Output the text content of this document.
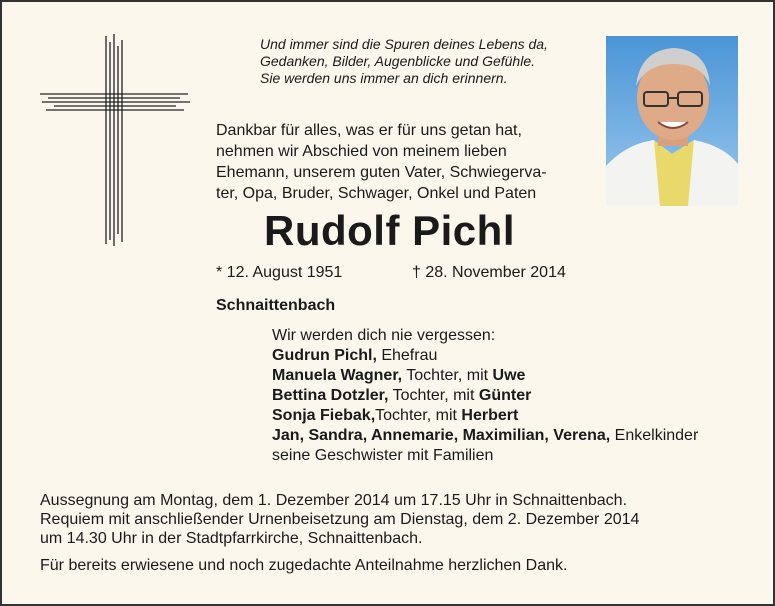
Und immer sind die Spuren deines Lebens da,
Gedanken, Bilder, Augenblicke und Gefühle.
Sie werden uns immer an dich erinnern.
Dankbar für alles, was er für uns getan hat,
nehmen wir Abschied von meinem lieben
Ehemann, unserem guten Vater, Schwiegerva-
ter, Opa, Bruder, Schwager, Onkel und Paten
Rudolf Pichl
* 12. August 1951	† 28. November 2014
Schnaittenbach
Wir werden dich nie vergessen:
Gudrun Pichl, Ehefrau
Manuela Wagner, Tochter, mit Uwe
Bettina Dotzler, Tochter, mit Günter
Sonja Fiebak,Tochter, mit Herbert
Jan, Sandra, Annemarie, Maximilian, Verena, Enkelkinder
seine Geschwister mit Familien
Aussegnung am Montag, dem 1. Dezember 2014 um 17.15 Uhr in Schnaittenbach.
Requiem mit anschließender Urnenbeisetzung am Dienstag, dem 2. Dezember 2014
um 14.30 Uhr in der Stadtpfarrkirche, Schnaittenbach.
Für bereits erwiesene und noch zugedachte Anteilnahme herzlichen Dank.
